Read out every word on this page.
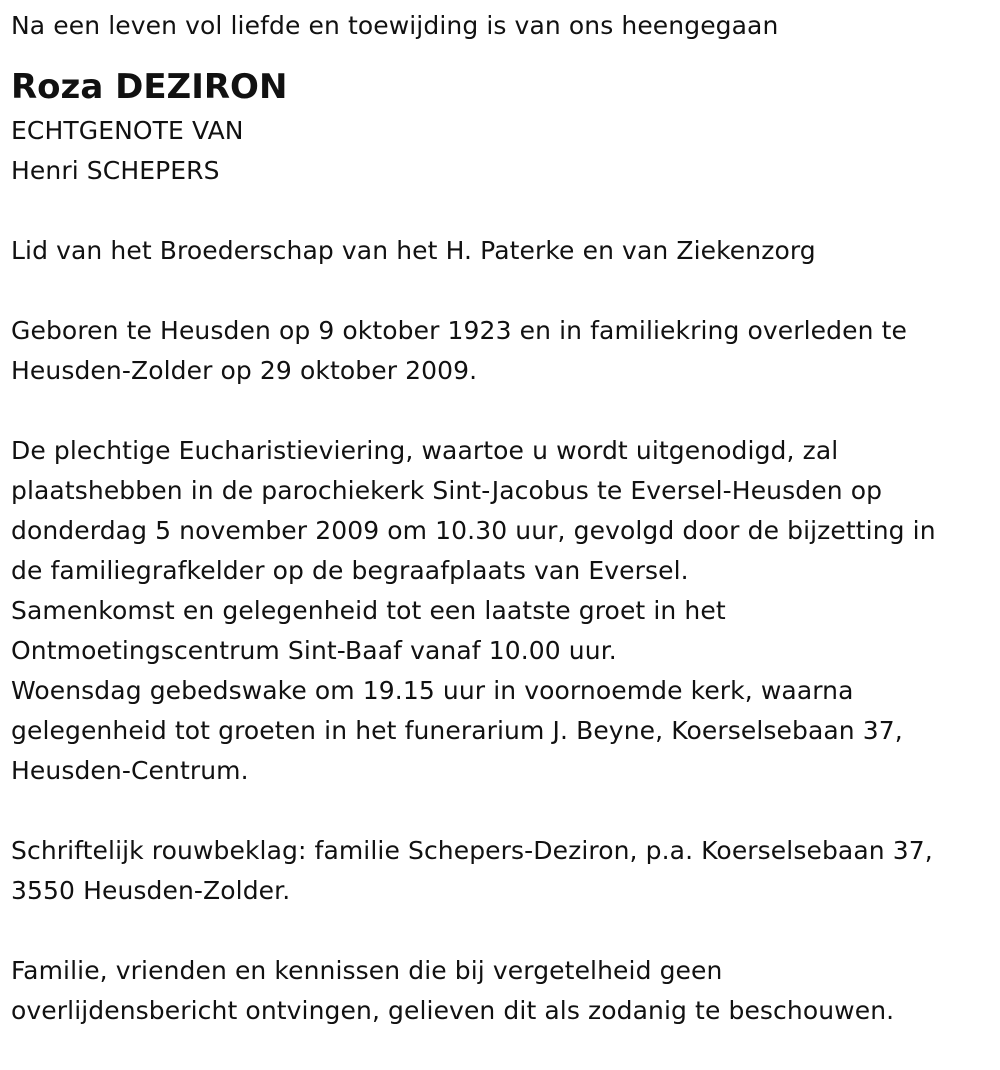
Na een leven vol liefde en toewijding is van ons heengegaan
Roza DEZIRON
ECHTGENOTE VAN
Henri SCHEPERS
Lid van het Broederschap van het H. Paterke en van Ziekenzorg
Geboren te Heusden op 9 oktober 1923 en in familiekring overleden te
Heusden-Zolder op 29 oktober 2009.
De plechtige Eucharistieviering, waartoe u wordt uitgenodigd, zal
plaatshebben in de parochiekerk Sint-Jacobus te Eversel-Heusden op
donderdag 5 november 2009 om 10.30 uur, gevolgd door de bijzetting in
de familiegrafkelder op de begraafplaats van Eversel.
Samenkomst en gelegenheid tot een laatste groet in het
Ontmoetingscentrum Sint-Baaf vanaf 10.00 uur.
Woensdag gebedswake om 19.15 uur in voornoemde kerk, waarna
gelegenheid tot groeten in het funerarium J. Beyne, Koerselsebaan 37,
Heusden-Centrum.
Schriftelijk rouwbeklag: familie Schepers-Deziron, p.a. Koerselsebaan 37,
3550 Heusden-Zolder.
Familie, vrienden en kennissen die bij vergetelheid geen
overlijdensbericht ontvingen, gelieven dit als zodanig te beschouwen.
